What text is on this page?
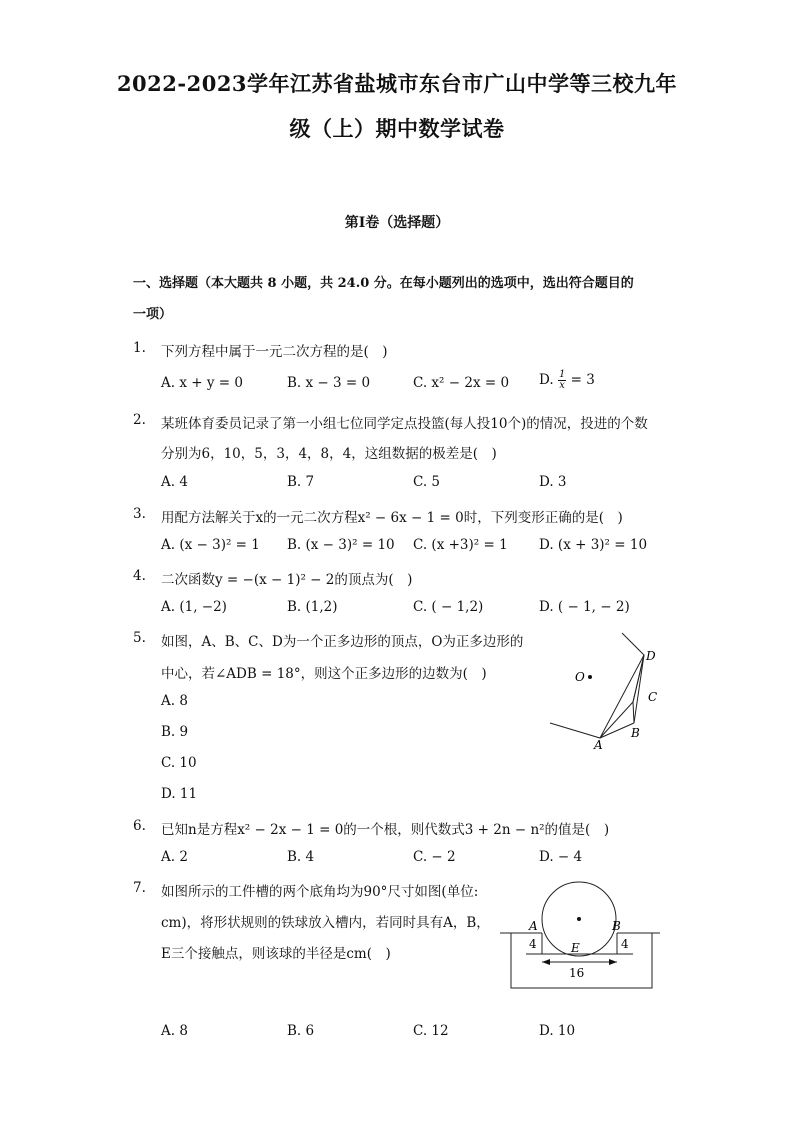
2022-2023学年江苏省盐城市东台市广山中学等三校九年
级（上）期中数学试卷
第I卷（选择题）
一、选择题（本大题共 8 小题，共 24.0 分。在每小题列出的选项中，选出符合题目的
一项）
1.	下列方程中属于一元二次方程的是(　)
A. x + y = 0	B. x − 3 = 0	C. x² − 2x = 0 D. $\frac{1}{x} = 3$
2.	某班体育委员记录了第一小组七位同学定点投篮(每人投10个)的情况，投进的个数
分别为6，10，5，3，4，8，4，这组数据的极差是(　)
A. 4	B. 7	C. 5	D. 3
3.	用配方法解关于x的一元二次方程x² − 6x − 1 = 0时，下列变形正确的是(　)
A. (x − 3)² = 1 B. (x − 3)² = 10 C. (x +3)² = 1 D. (x + 3)² = 10
4.	二次函数y = −(x − 1)² − 2的顶点为(　)
A. (1, −2)	B. (1,2)	C. ( − 1,2)	D. ( − 1, − 2)
5.	如图，A、B、C、D为一个正多边形的顶点，O为正多边形的
中心，若∠ADB = 18°，则这个正多边形的边数为(　)
A. 8
B. 9
C. 10
D. 11
D
O
C
B
A
6.	已知n是方程x² − 2x − 1 = 0的一个根，则代数式3 + 2n − n²的值是(　)
A. 2	B. 4	C. − 2	D. − 4
7.	如图所示的工件槽的两个底角均为90°尺寸如图(单位:
cm)，将形状规则的铁球放入槽内，若同时具有A，B，
E三个接触点，则该球的半径是cm(　)
A	B
E
4	4
16
A. 8	B. 6	C. 12	D. 10
